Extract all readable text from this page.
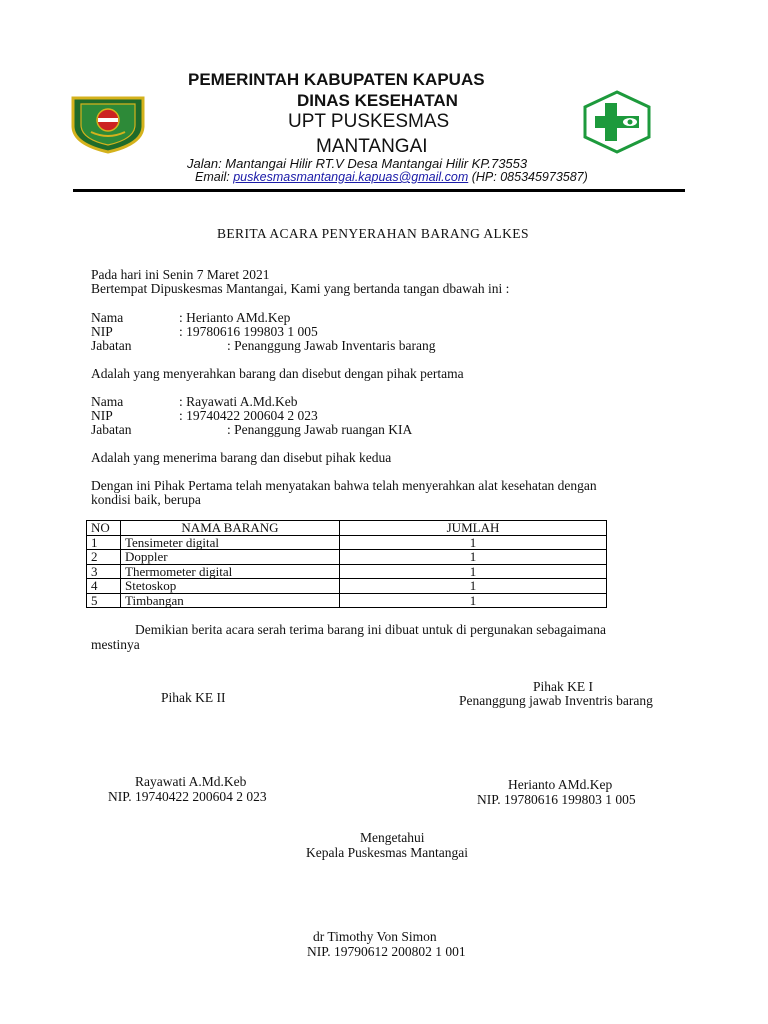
PEMERINTAH KABUPATEN KAPUAS
DINAS KESEHATAN
UPT PUSKESMAS
MANTANGAI
Jalan: Mantangai Hilir RT.V Desa Mantangai Hilir KP.73553
Email: puskesmasmantangai.kapuas@gmail.com (HP: 085345973587)
BERITA ACARA PENYERAHAN BARANG ALKES
Pada hari ini Senin 7 Maret 2021
Bertempat Dipuskesmas Mantangai, Kami yang bertanda tangan dbawah ini :
Nama	: Herianto AMd.Kep
NIP	: 19780616 199803 1 005
Jabatan	: Penanggung Jawab Inventaris barang
Adalah yang menyerahkan barang dan disebut dengan pihak pertama
Nama	: Rayawati A.Md.Keb
NIP	: 19740422 200604 2 023
Jabatan	: Penanggung Jawab ruangan KIA
Adalah yang menerima barang dan disebut pihak kedua
Dengan ini Pihak Pertama telah menyatakan bahwa telah menyerahkan alat kesehatan dengan
kondisi baik, berupa
NO	NAMA BARANG	JUMLAH
1	Tensimeter digital	1
2	Doppler	1
3	Thermometer digital	1
4	Stetoskop	1
5	Timbangan	1
Demikian berita acara serah terima barang ini dibuat untuk di pergunakan sebagaimana
mestinya
Pihak KE II
Pihak KE I
Penanggung jawab Inventris barang
Rayawati A.Md.Keb
NIP. 19740422 200604 2 023
Herianto AMd.Kep
NIP. 19780616 199803 1 005
Mengetahui
Kepala Puskesmas Mantangai
dr Timothy Von Simon
NIP. 19790612 200802 1 001
